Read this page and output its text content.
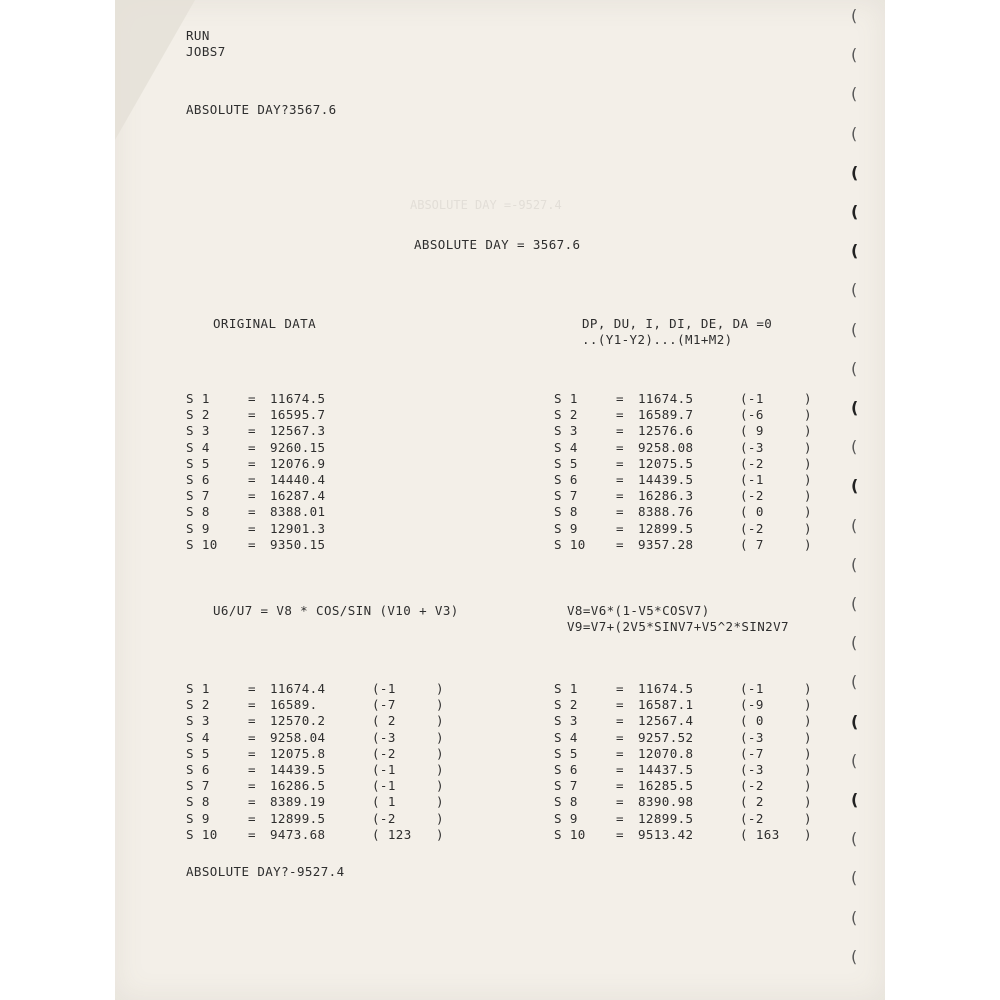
ABSOLUTE DAY =-9527.4
RUN
JOBS7
ABSOLUTE DAY?3567.6
ABSOLUTE DAY = 3567.6
ORIGINAL DATA	DP, DU, I, DI, DE, DA =0
..(Y1-Y2)...(M1+M2)
S 1	= 11674.5
S 2	= 16595.7
S 3	= 12567.3
S 4	= 9260.15
S 5	= 12076.9
S 6	= 14440.4
S 7	= 16287.4
S 8	= 8388.01
S 9	= 12901.3
S 10 = 9350.15
S 1	= 11674.5	(-1	)
S 2	= 16589.7	(-6	)
S 3	= 12576.6	( 9	)
S 4	= 9258.08	(-3	)
S 5	= 12075.5	(-2	)
S 6	= 14439.5	(-1	)
S 7	= 16286.3	(-2	)
S 8	= 8388.76	( 0	)
S 9	= 12899.5	(-2	)
S 10 = 9357.28	( 7	)
U6/U7 = V8 * COS/SIN (V10 + V3)	V8=V6*(1-V5*COSV7)
V9=V7+(2V5*SINV7+V5^2*SIN2V7
S 1	= 11674.4	(-1	)
S 2	= 16589.	(-7	)
S 3	= 12570.2	( 2	)
S 4	= 9258.04	(-3	)
S 5	= 12075.8	(-2	)
S 6	= 14439.5	(-1	)
S 7	= 16286.5	(-1	)
S 8	= 8389.19	( 1	)
S 9	= 12899.5	(-2	)
S 10 = 9473.68	( 123 )
S 1	= 11674.5	(-1	)
S 2	= 16587.1	(-9	)
S 3	= 12567.4	( 0	)
S 4	= 9257.52	(-3	)
S 5	= 12070.8	(-7	)
S 6	= 14437.5	(-3	)
S 7	= 16285.5	(-2	)
S 8	= 8390.98	( 2	)
S 9	= 12899.5	(-2	)
S 10 = 9513.42	( 163 )
ABSOLUTE DAY?-9527.4
(
(
(
(
(
(
(
(
(
(
(
(
(
(
(
(
(
(
(
(
(
(
(
(
(
